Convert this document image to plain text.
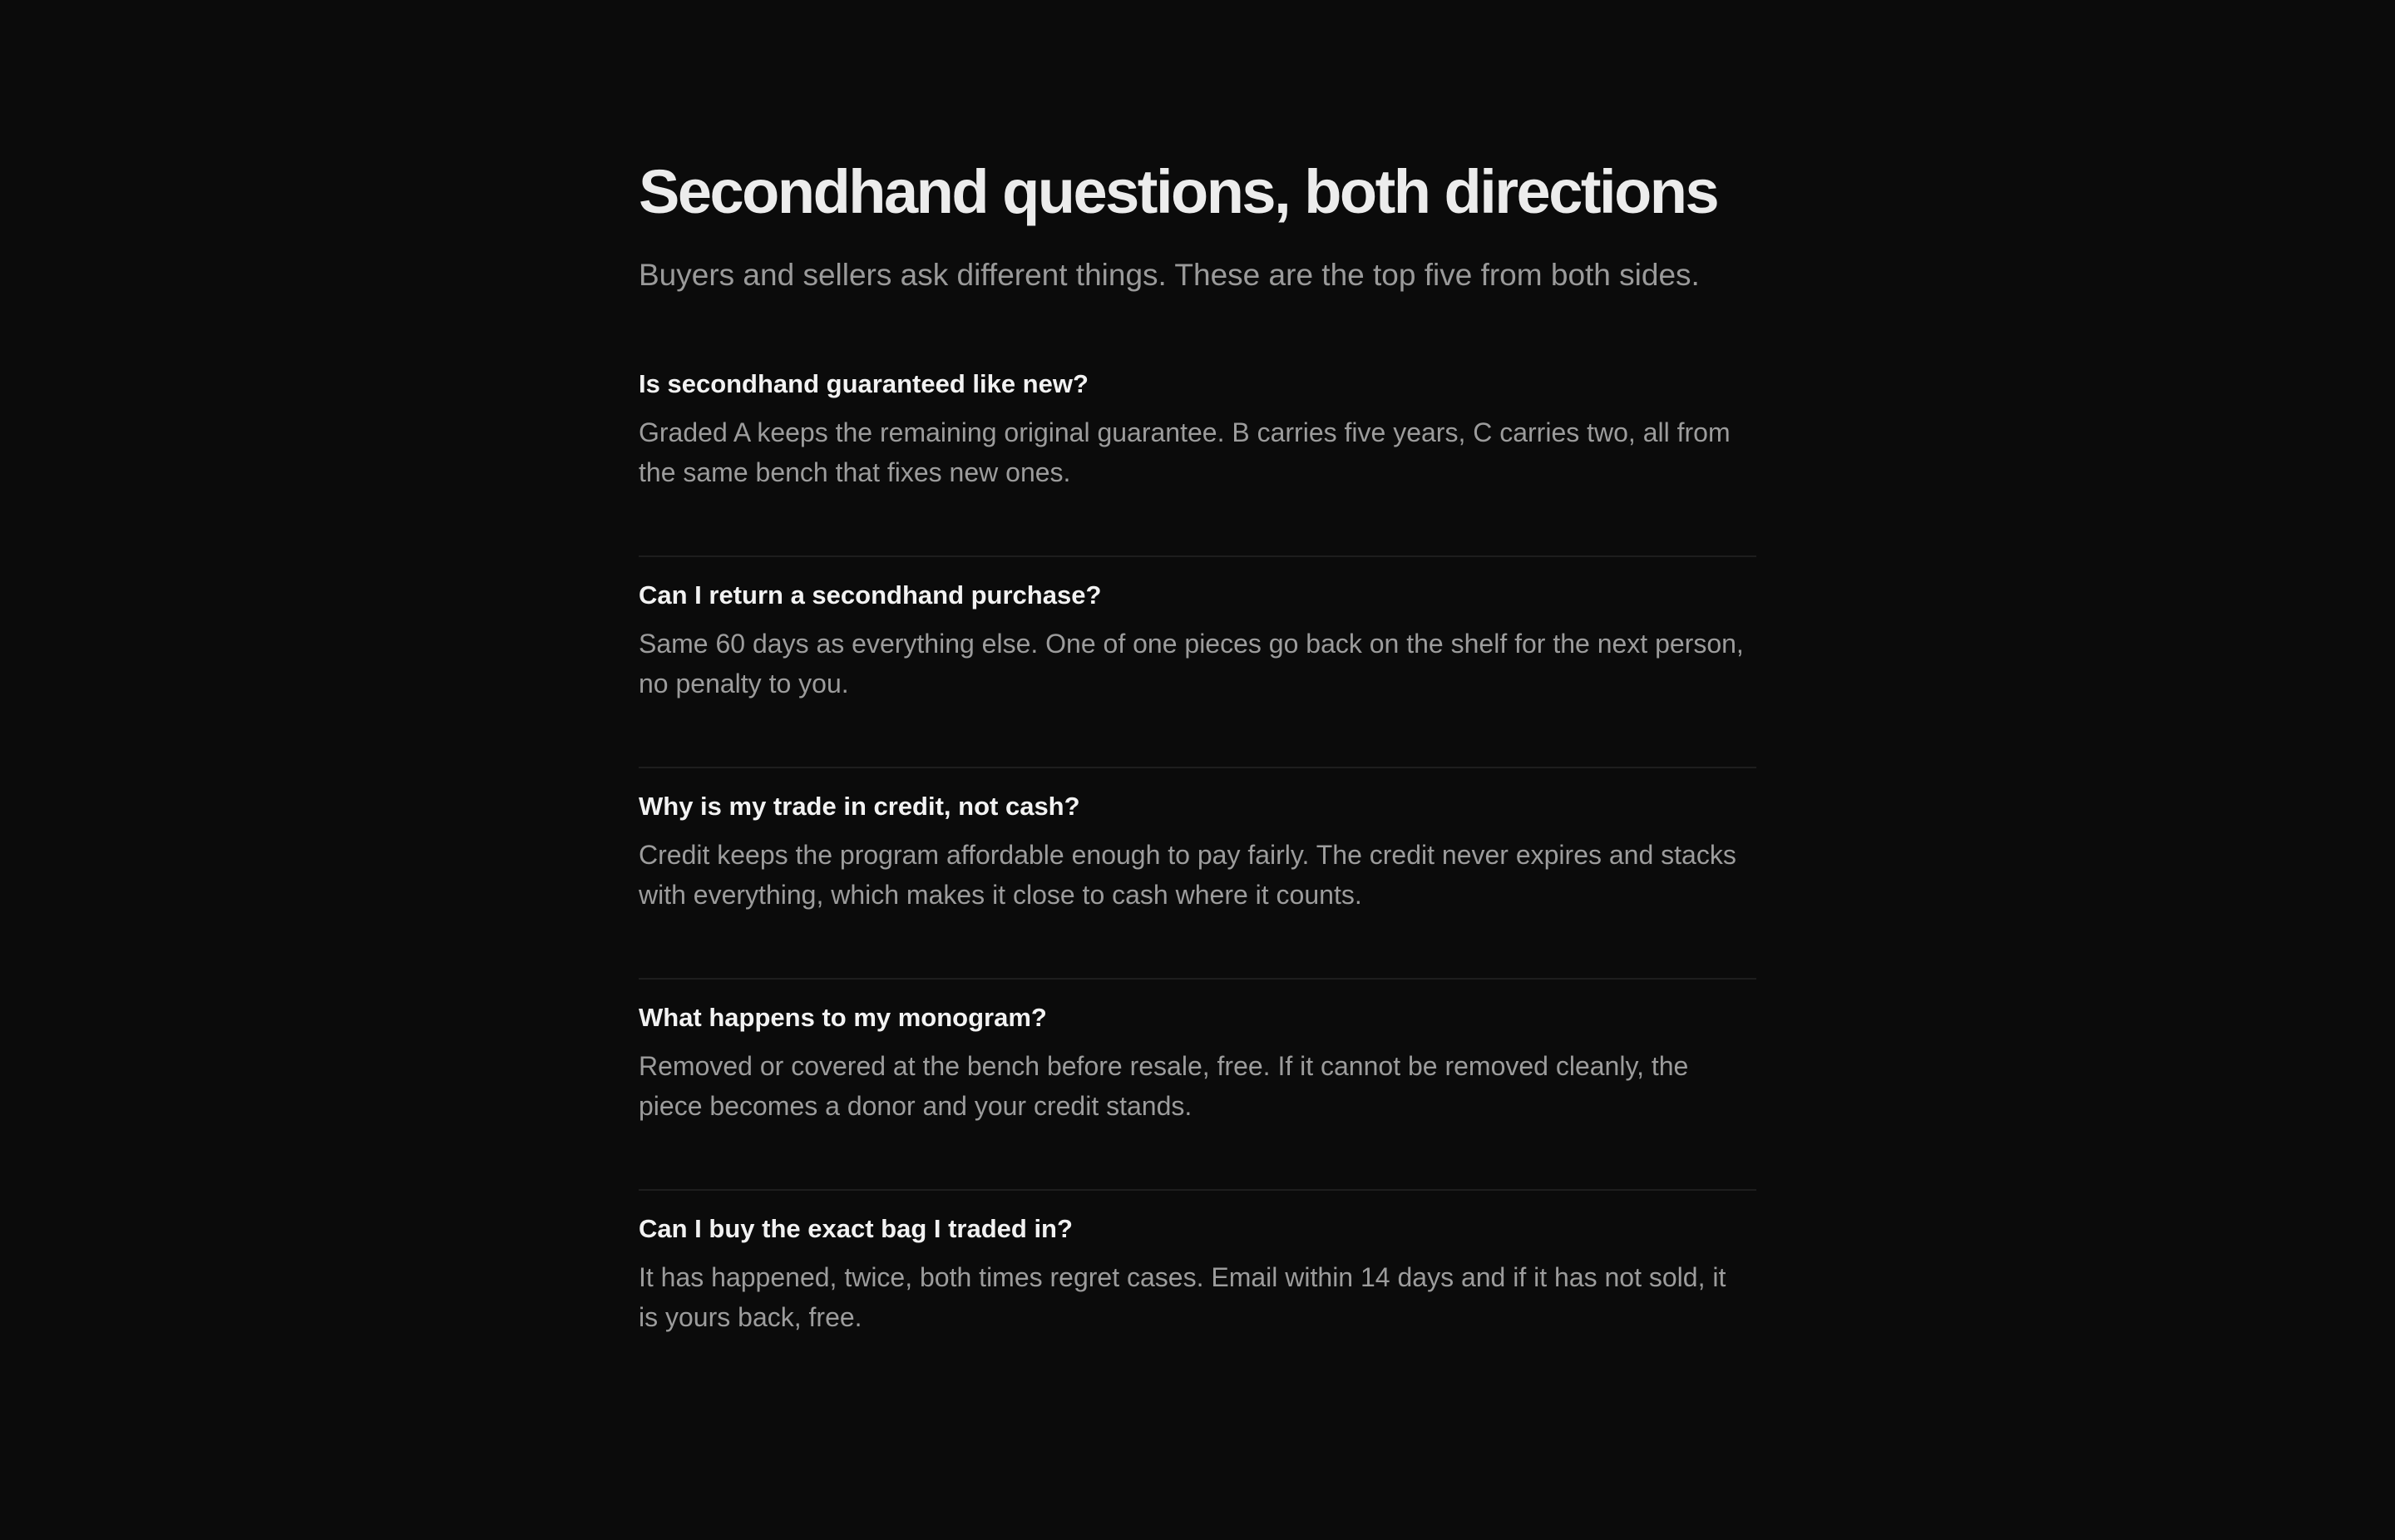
Secondhand questions, both directions

Buyers and sellers ask different things. These are the top five from both sides.

Is secondhand guaranteed like new?

Graded A keeps the remaining original guarantee. B carries five years, C carries two, all from the same bench that fixes new ones.

Can I return a secondhand purchase?

Same 60 days as everything else. One of one pieces go back on the shelf for the next person, no penalty to you.

Why is my trade in credit, not cash?

Credit keeps the program affordable enough to pay fairly. The credit never expires and stacks with everything, which makes it close to cash where it counts.

What happens to my monogram?

Removed or covered at the bench before resale, free. If it cannot be removed cleanly, the piece becomes a donor and your credit stands.

Can I buy the exact bag I traded in?

It has happened, twice, both times regret cases. Email within 14 days and if it has not sold, it is yours back, free.
